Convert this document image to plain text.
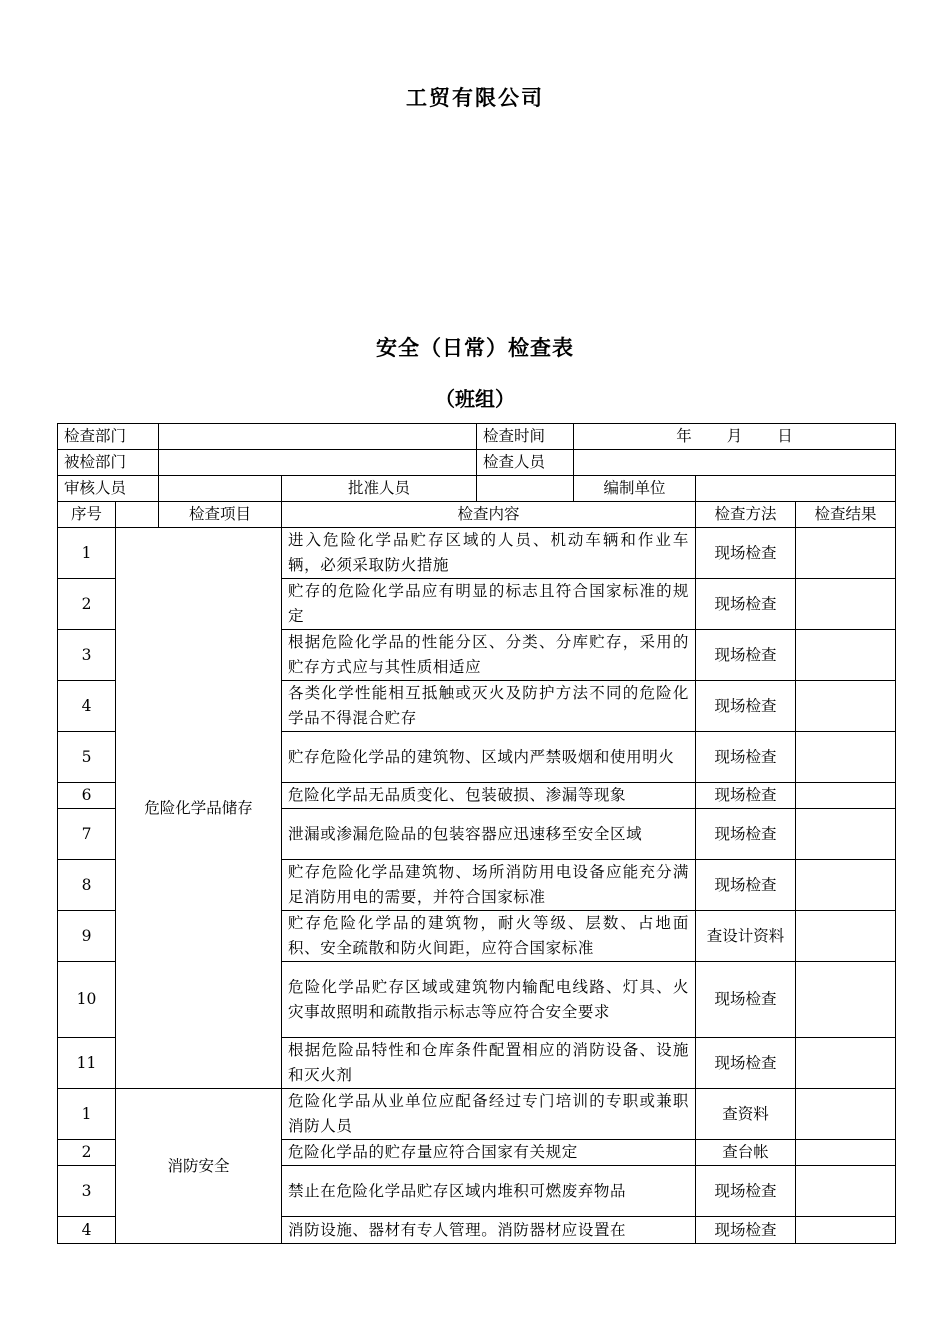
工贸有限公司
安全（日常）检查表
（班组）
检查部门				检查时间	年 月 日		
被检部门				检查人员			
审核人员			批准人员		编制单位		
序号		检查项目	检查内容			检查方法	检查结果
1	危险化学品储存		进入危险化学品贮存区域的人员、机动车辆和作业车辆，必须采取防火措施			现场检查	
2			贮存的危险化学品应有明显的标志且符合国家标准的规定			现场检查	
3			根据危险化学品的性能分区、分类、分库贮存，采用的贮存方式应与其性质相适应			现场检查	
4			各类化学性能相互抵触或灭火及防护方法不同的危险化学品不得混合贮存			现场检查	
5			贮存危险化学品的建筑物、区域内严禁吸烟和使用明火			现场检查	
6			危险化学品无品质变化、包装破损、渗漏等现象			现场检查	
7			泄漏或渗漏危险品的包装容器应迅速移至安全区域			现场检查	
8			贮存危险化学品建筑物、场所消防用电设备应能充分满足消防用电的需要，并符合国家标准			现场检查	
9			贮存危险化学品的建筑物，耐火等级、层数、占地面积、安全疏散和防火间距，应符合国家标准			查设计资料	
10			危险化学品贮存区域或建筑物内输配电线路、灯具、火灾事故照明和疏散指示标志等应符合安全要求			现场检查	
11			根据危险品特性和仓库条件配置相应的消防设备、设施和灭火剂			现场检查	
1	消防安全		危险化学品从业单位应配备经过专门培训的专职或兼职消防人员			查资料	
2			危险化学品的贮存量应符合国家有关规定			查台帐	
3			禁止在危险化学品贮存区域内堆积可燃废弃物品			现场检查	
4			消防设施、器材有专人管理。消防器材应设置在			现场检查	
